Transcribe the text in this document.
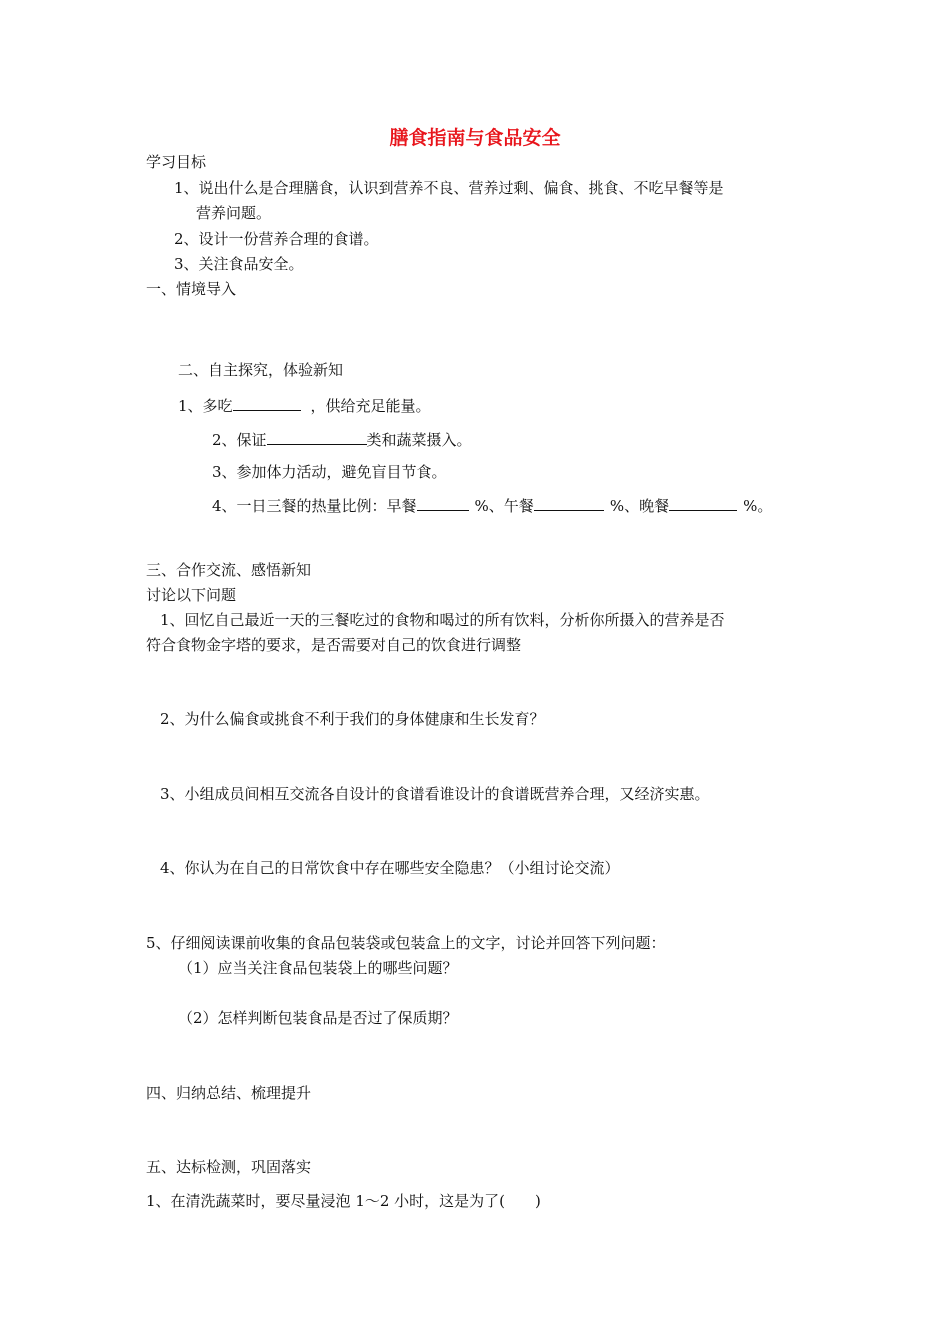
膳食指南与食品安全
学习目标
1、说出什么是合理膳食，认识到营养不良、营养过剩、偏食、挑食、不吃早餐等是
营养问题。
2、设计一份营养合理的食谱。
3、关注食品安全。
一、情境导入
二、自主探究，体验新知
1、多吃	，供给充足能量。
2、保证	类和蔬菜摄入。
3、参加体力活动，避免盲目节食。
4、一日三餐的热量比例：早餐	%、午餐	%、晚餐	%。
三、合作交流、感悟新知
讨论以下问题
1、回忆自己最近一天的三餐吃过的食物和喝过的所有饮料，分析你所摄入的营养是否
符合食物金字塔的要求，是否需要对自己的饮食进行调整
2、为什么偏食或挑食不利于我们的身体健康和生长发育？
3、小组成员间相互交流各自设计的食谱看谁设计的食谱既营养合理，又经济实惠。
4、你认为在自己的日常饮食中存在哪些安全隐患？（小组讨论交流）
5、仔细阅读课前收集的食品包装袋或包装盒上的文字，讨论并回答下列问题：
（1）应当关注食品包装袋上的哪些问题？
（2）怎样判断包装食品是否过了保质期？
四、归纳总结、梳理提升
五、达标检测，巩固落实
1、在清洗蔬菜时，要尽量浸泡 1～2 小时，这是为了(　　)
